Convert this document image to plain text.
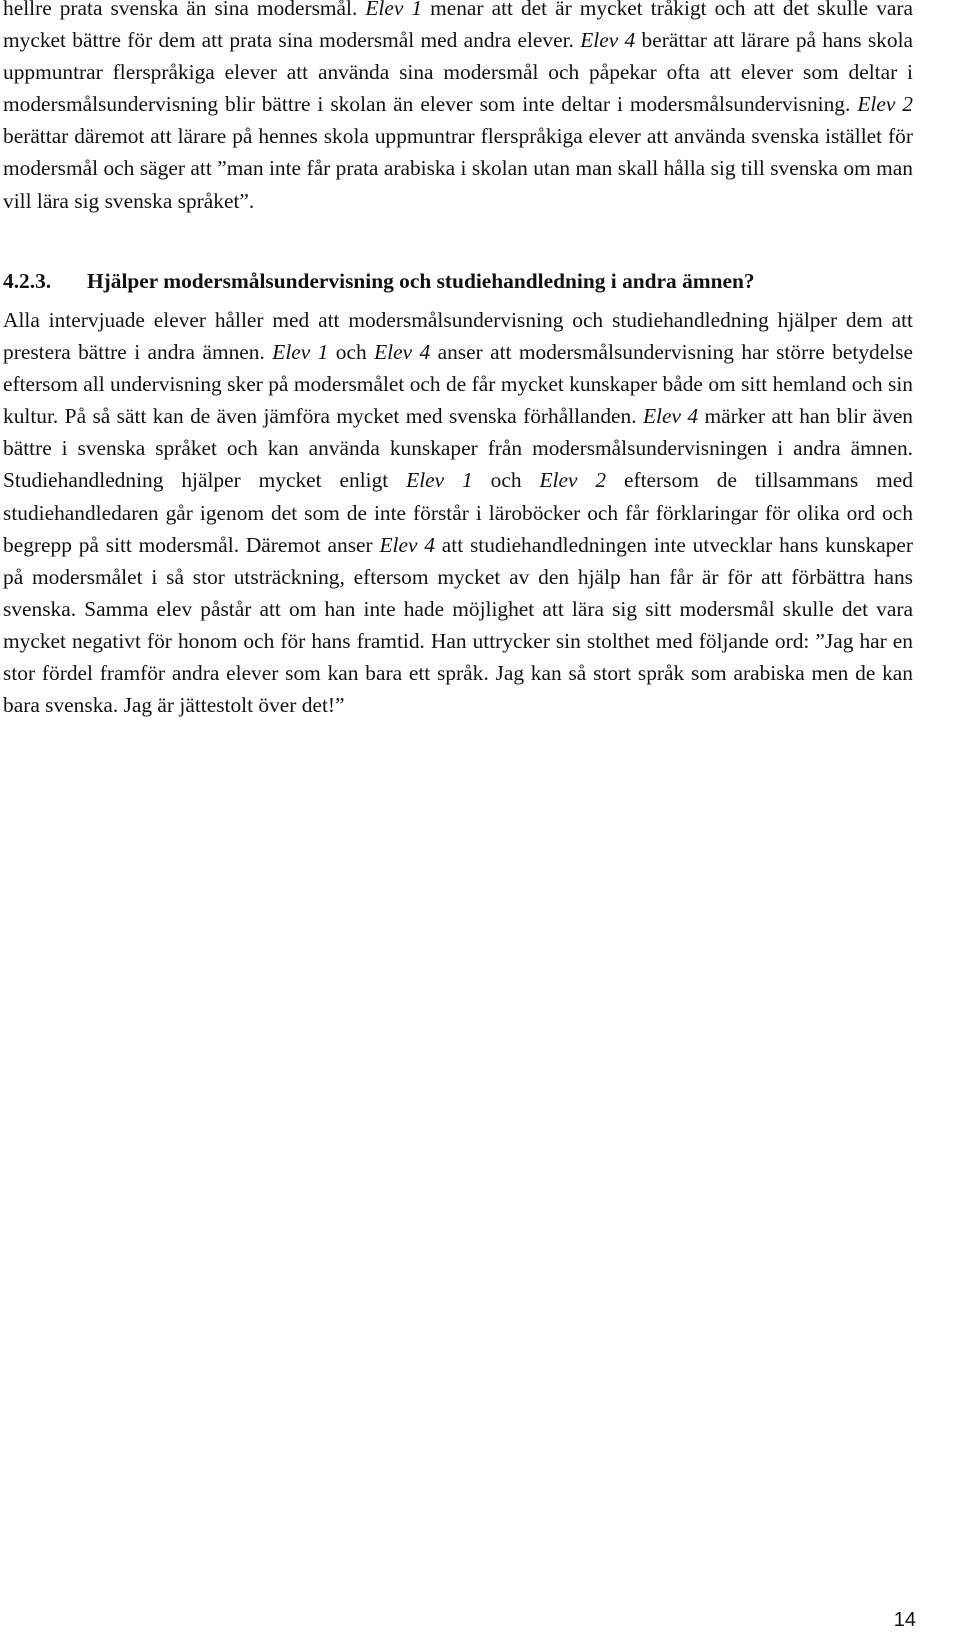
hellre prata svenska än sina modersmål. Elev 1 menar att det är mycket tråkigt och att det skulle vara mycket bättre för dem att prata sina modersmål med andra elever. Elev 4 berättar att lärare på hans skola uppmuntrar flerspråkiga elever att använda sina modersmål och påpekar ofta att elever som deltar i modersmålsundervisning blir bättre i skolan än elever som inte deltar i modersmålsundervisning. Elev 2 berättar däremot att lärare på hennes skola uppmuntrar flerspråkiga elever att använda svenska istället för modersmål och säger att ”man inte får prata arabiska i skolan utan man skall hålla sig till svenska om man vill lära sig svenska språket”.

4.2.3. Hjälper modersmålsundervisning och studiehandledning i andra ämnen?

Alla intervjuade elever håller med att modersmålsundervisning och studiehandledning hjälper dem att prestera bättre i andra ämnen. Elev 1 och Elev 4 anser att modersmålsundervisning har större betydelse eftersom all undervisning sker på modersmålet och de får mycket kunskaper både om sitt hemland och sin kultur. På så sätt kan de även jämföra mycket med svenska förhållanden. Elev 4 märker att han blir även bättre i svenska språket och kan använda kunskaper från modersmålsundervisningen i andra ämnen. Studiehandledning hjälper mycket enligt Elev 1 och Elev 2 eftersom de tillsammans med studiehandledaren går igenom det som de inte förstår i läroböcker och får förklaringar för olika ord och begrepp på sitt modersmål. Däremot anser Elev 4 att studiehandledningen inte utvecklar hans kunskaper på modersmålet i så stor utsträckning, eftersom mycket av den hjälp han får är för att förbättra hans svenska. Samma elev påstår att om han inte hade möjlighet att lära sig sitt modersmål skulle det vara mycket negativt för honom och för hans framtid. Han uttrycker sin stolthet med följande ord: ”Jag har en stor fördel framför andra elever som kan bara ett språk. Jag kan så stort språk som arabiska men de kan bara svenska. Jag är jättestolt över det!”

14
